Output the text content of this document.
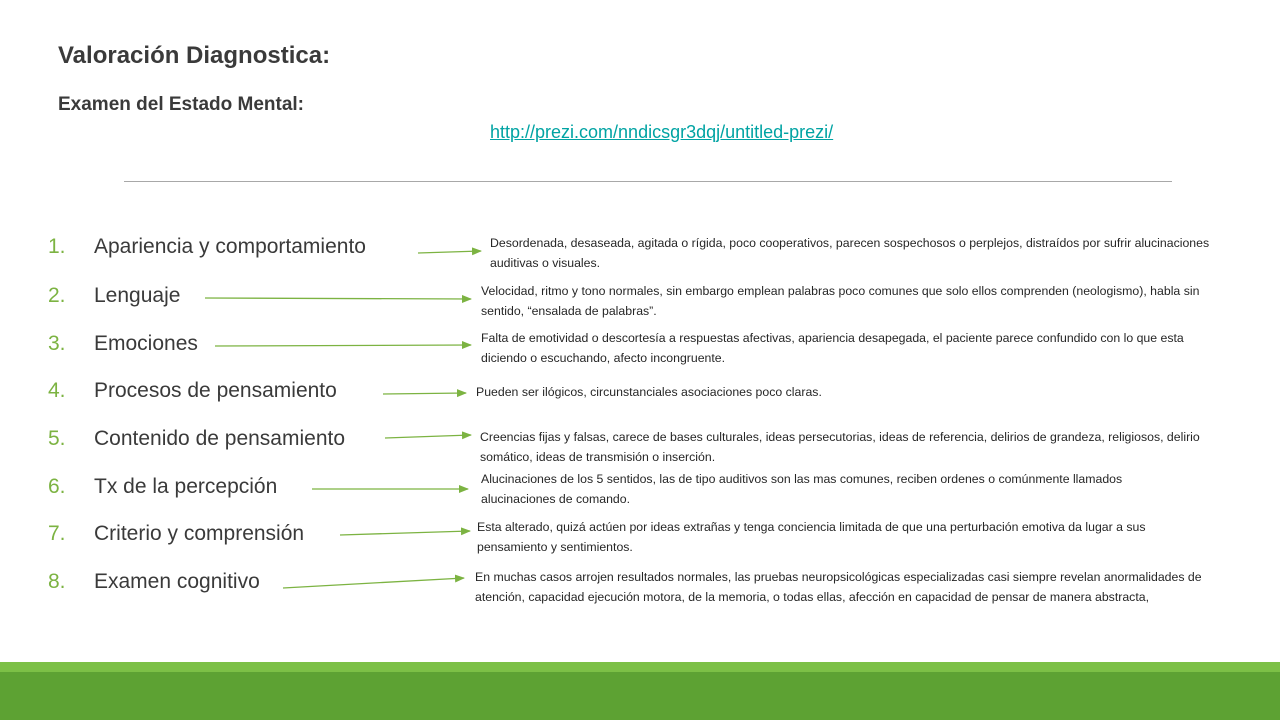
Valoración Diagnostica:
Examen del Estado Mental:
http://prezi.com/nndicsgr3dqj/untitled-prezi/
1. Apariencia y comportamiento
2. Lenguaje
3. Emociones
4. Procesos de pensamiento
5. Contenido de pensamiento
6. Tx de la percepción
7. Criterio y comprensión
8. Examen cognitivo
Desordenada, desaseada, agitada o rígida, poco cooperativos, parecen sospechosos o perplejos, distraídos por sufrir alucinaciones auditivas o visuales.
Velocidad, ritmo y tono normales, sin embargo emplean palabras poco comunes que solo ellos comprenden (neologismo), habla sin sentido, “ensalada de palabras”.
Falta de emotividad o descortesía a respuestas afectivas, apariencia desapegada, el paciente parece confundido con lo que esta diciendo o escuchando, afecto incongruente.
Pueden ser ilógicos, circunstanciales asociaciones poco claras.
Creencias fijas y falsas, carece de bases culturales, ideas persecutorias, ideas de referencia, delirios de grandeza, religiosos, delirio somático, ideas de transmisión o inserción.
Alucinaciones de los 5 sentidos, las de tipo auditivos son las mas comunes, reciben ordenes o comúnmente llamados alucinaciones de comando.
Esta alterado, quizá actúen por ideas extrañas y tenga conciencia limitada de que una perturbación emotiva da lugar a sus pensamiento y sentimientos.
En muchas casos arrojen resultados normales, las pruebas neuropsicológicas especializadas casi siempre revelan anormalidades de atención, capacidad ejecución motora, de la memoria, o todas ellas, afección en capacidad de pensar de manera abstracta,
